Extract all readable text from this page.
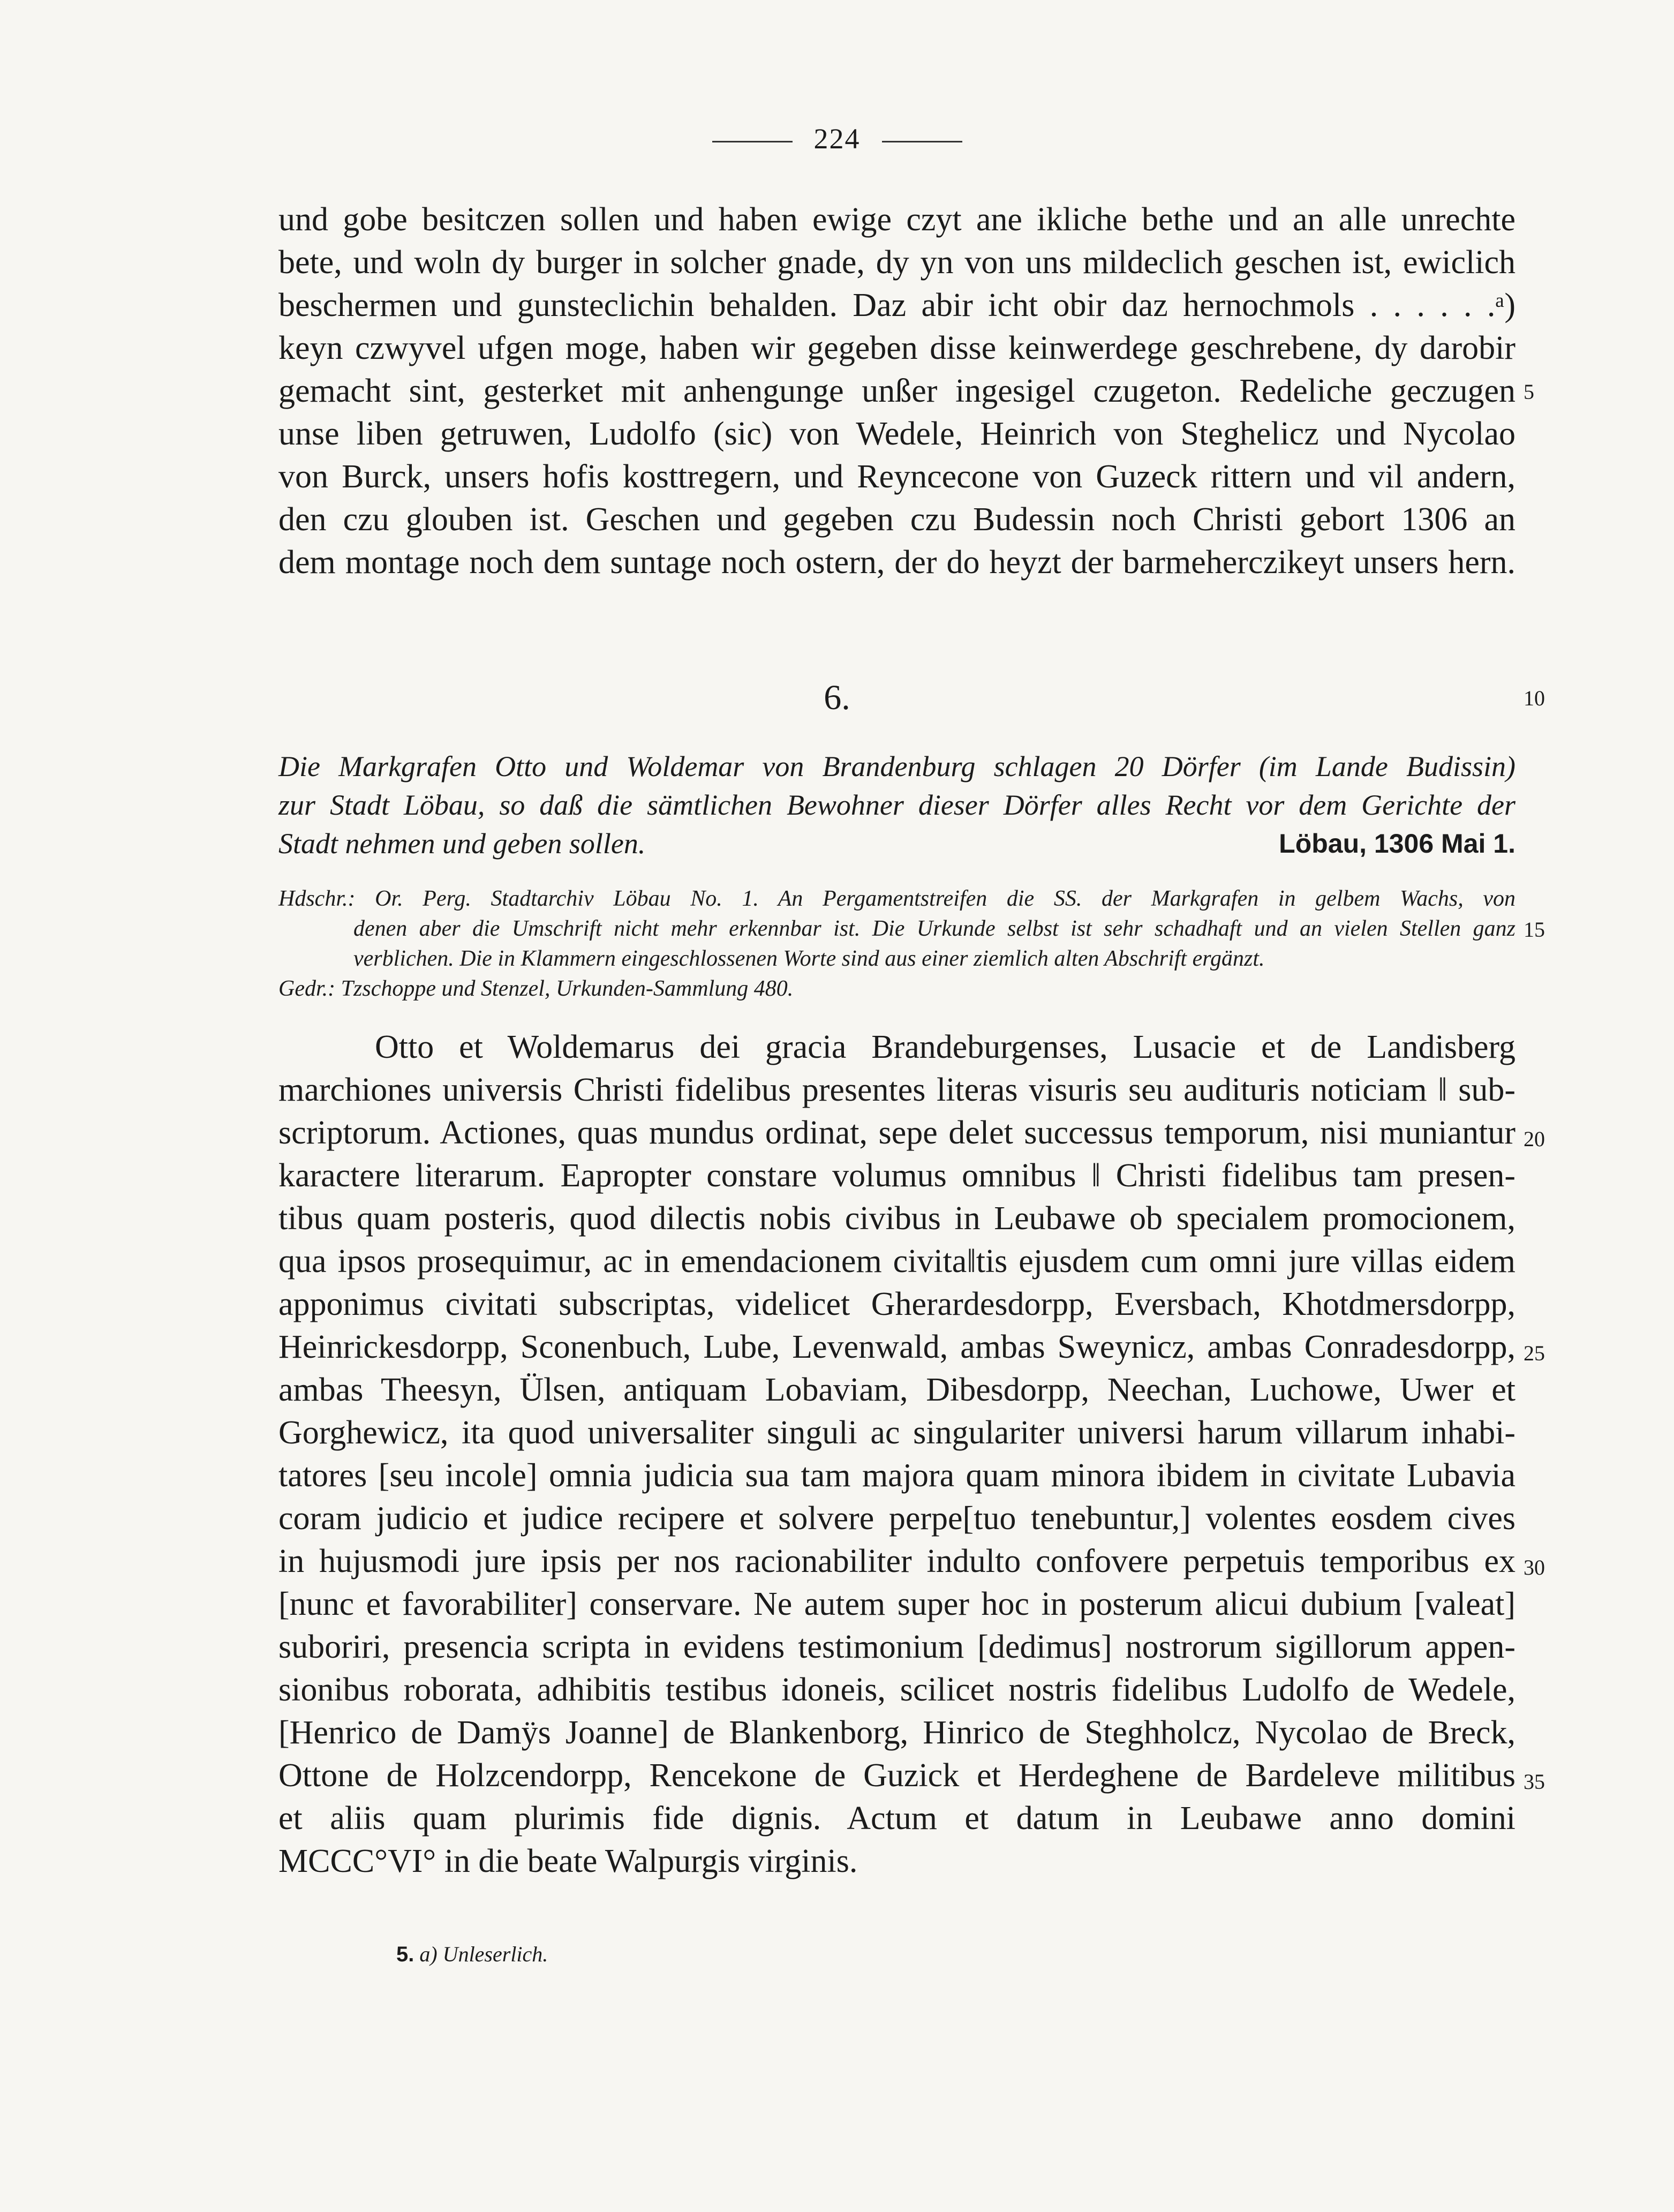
224
und gobe besitczen sollen und haben ewige czyt ane ikliche bethe und an alle unrechte
bete, und woln dy burger in solcher gnade, dy yn von uns mildeclich geschen ist, ewiclich
beschermen und gunsteclichin behalden. Daz abir icht obir daz hernochmols . . . . . .ᵃ)
keyn czwyvel ufgen moge, haben wir gegeben disse keinwerdege geschrebene, dy darobir
gemacht sint, gesterket mit anhengunge unßer ingesigel czugeton. Redeliche geczugen
unse liben getruwen, Ludolfo (sic) von Wedele, Heinrich von Steghelicz und Nycolao
von Burck, unsers hofis kosttregern, und Reyncecone von Guzeck rittern und vil andern,
den czu glouben ist. Geschen und gegeben czu Budessin noch Christi gebort 1306 an
dem montage noch dem suntage noch ostern, der do heyzt der barmeherczikeyt unsers hern.
6.
Die Markgrafen Otto und Woldemar von Brandenburg schlagen 20 Dörfer (im Lande Budissin)
zur Stadt Löbau, so daß die sämtlichen Bewohner dieser Dörfer alles Recht vor dem Gerichte der
Stadt nehmen und geben sollen.	Löbau, 1306 Mai 1.
Hdschr.: Or. Perg. Stadtarchiv Löbau No. 1. An Pergamentstreifen die SS. der Markgrafen in gelbem Wachs, von
denen aber die Umschrift nicht mehr erkennbar ist. Die Urkunde selbst ist sehr schadhaft und an vielen Stellen ganz
verblichen. Die in Klammern eingeschlossenen Worte sind aus einer ziemlich alten Abschrift ergänzt.
Gedr.: Tzschoppe und Stenzel, Urkunden-Sammlung 480.
Otto et Woldemarus dei gracia Brandeburgenses, Lusacie et de Landisberg
marchiones universis Christi fidelibus presentes literas visuris seu audituris noticiam ‖ sub-
scriptorum. Actiones, quas mundus ordinat, sepe delet successus temporum, nisi muniantur
karactere literarum. Eapropter constare volumus omnibus ‖ Christi fidelibus tam presen-
tibus quam posteris, quod dilectis nobis civibus in Leubawe ob specialem promocionem,
qua ipsos prosequimur, ac in emendacionem civita‖tis ejusdem cum omni jure villas eidem
apponimus civitati subscriptas, videlicet Gherardesdorpp, Eversbach, Khotdmersdorpp,
Heinrickesdorpp, Sconenbuch, Lube, Levenwald, ambas Sweynicz, ambas Conradesdorpp,
ambas Theesyn, Ülsen, antiquam Lobaviam, Dibesdorpp, Neechan, Luchowe, Uwer et
Gorghewicz, ita quod universaliter singuli ac singulariter universi harum villarum inhabi-
tatores [seu incole] omnia judicia sua tam majora quam minora ibidem in civitate Lubavia
coram judicio et judice recipere et solvere perpe[tuo tenebuntur,] volentes eosdem cives
in hujusmodi jure ipsis per nos racionabiliter indulto confovere perpetuis temporibus ex
[nunc et favorabiliter] conservare. Ne autem super hoc in posterum alicui dubium [valeat]
suboriri, presencia scripta in evidens testimonium [dedimus] nostrorum sigillorum appen-
sionibus roborata, adhibitis testibus idoneis, scilicet nostris fidelibus Ludolfo de Wedele,
[Henrico de Damÿs Joanne] de Blankenborg, Hinrico de Steghholcz, Nycolao de Breck,
Ottone de Holzcendorpp, Rencekone de Guzick et Herdeghene de Bardeleve militibus
et aliis quam plurimis fide dignis. Actum et datum in Leubawe anno domini
MCCC°VI° in die beate Walpurgis virginis.
5
10
15
20
25
30
35
5. a) Unleserlich.
